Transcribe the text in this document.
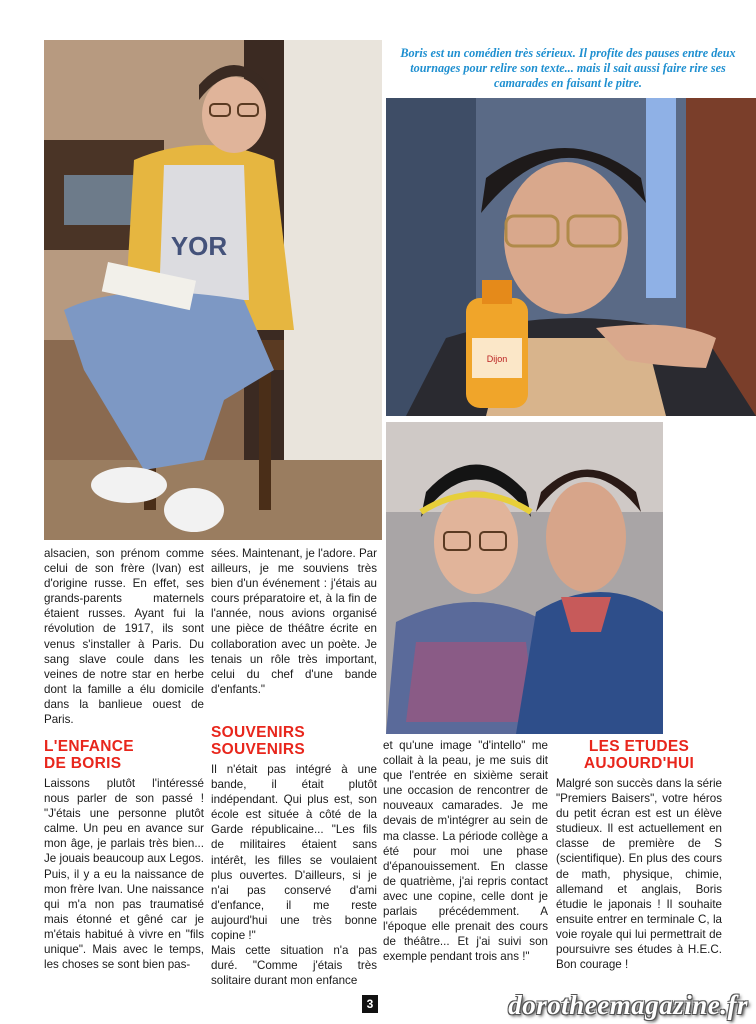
YOR
Boris est un comédien très sérieux. Il profite des pauses entre deux tournages pour relire son texte... mais il sait aussi faire rire ses camarades en faisant le pitre.
Dijon

alsacien, son prénom comme celui de son frère (Ivan) est d'origine russe. En effet, ses grands-parents maternels étaient russes. Ayant fui la révolution de 1917, ils sont venus s'installer à Paris. Du sang slave coule dans les veines de notre star en herbe dont la famille a élu domicile dans la banlieue ouest de Paris.

sées. Maintenant, je l'adore. Par ailleurs, je me souviens très bien d'un événement : j'étais au cours préparatoire et, à la fin de l'année, nous avions organisé une pièce de théâtre écrite en collaboration avec un poète. Je tenais un rôle très important, celui du chef d'une bande d'enfants."

L'ENFANCE
DE BORIS

Laissons plutôt l'intéressé nous parler de son passé ! "J'étais une personne plutôt calme. Un peu en avance sur mon âge, je parlais très bien... Je jouais beaucoup aux Legos. Puis, il y a eu la naissance de mon frère Ivan. Une naissance qui m'a non pas traumatisé mais étonné et gêné car je m'étais habitué à vivre en "fils unique". Mais avec le temps, les choses se sont bien pas-

SOUVENIRS
SOUVENIRS

Il n'était pas intégré à une bande, il était plutôt indépendant. Qui plus est, son école est située à côté de la Garde républicaine... "Les fils de militaires étaient sans intérêt, les filles se voulaient plus ouvertes. D'ailleurs, si je n'ai pas conservé d'ami d'enfance, il me reste aujourd'hui une très bonne copine !"

Mais cette situation n'a pas duré. "Comme j'étais très solitaire durant mon enfance

et qu'une image "d'intello" me collait à la peau, je me suis dit que l'entrée en sixième serait une occasion de rencontrer de nouveaux camarades. Je me devais de m'intégrer au sein de ma classe. La période collège a été pour moi une phase d'épanouissement. En classe de quatrième, j'ai repris contact avec une copine, celle dont je parlais précédemment. A l'époque elle prenait des cours de théâtre... Et j'ai suivi son exemple pendant trois ans !"

LES ETUDES
AUJOURD'HUI

Malgré son succès dans la série "Premiers Baisers", votre héros du petit écran est est un élève studieux. Il est actuellement en classe de première de S (scientifique). En plus des cours de math, physique, chimie, allemand et anglais, Boris étudie le japonais ! Il souhaite ensuite entrer en terminale C, la voie royale qui lui permettrait de poursuivre ses études à H.E.C. Bon courage !

3	dorotheemagazine.fr
